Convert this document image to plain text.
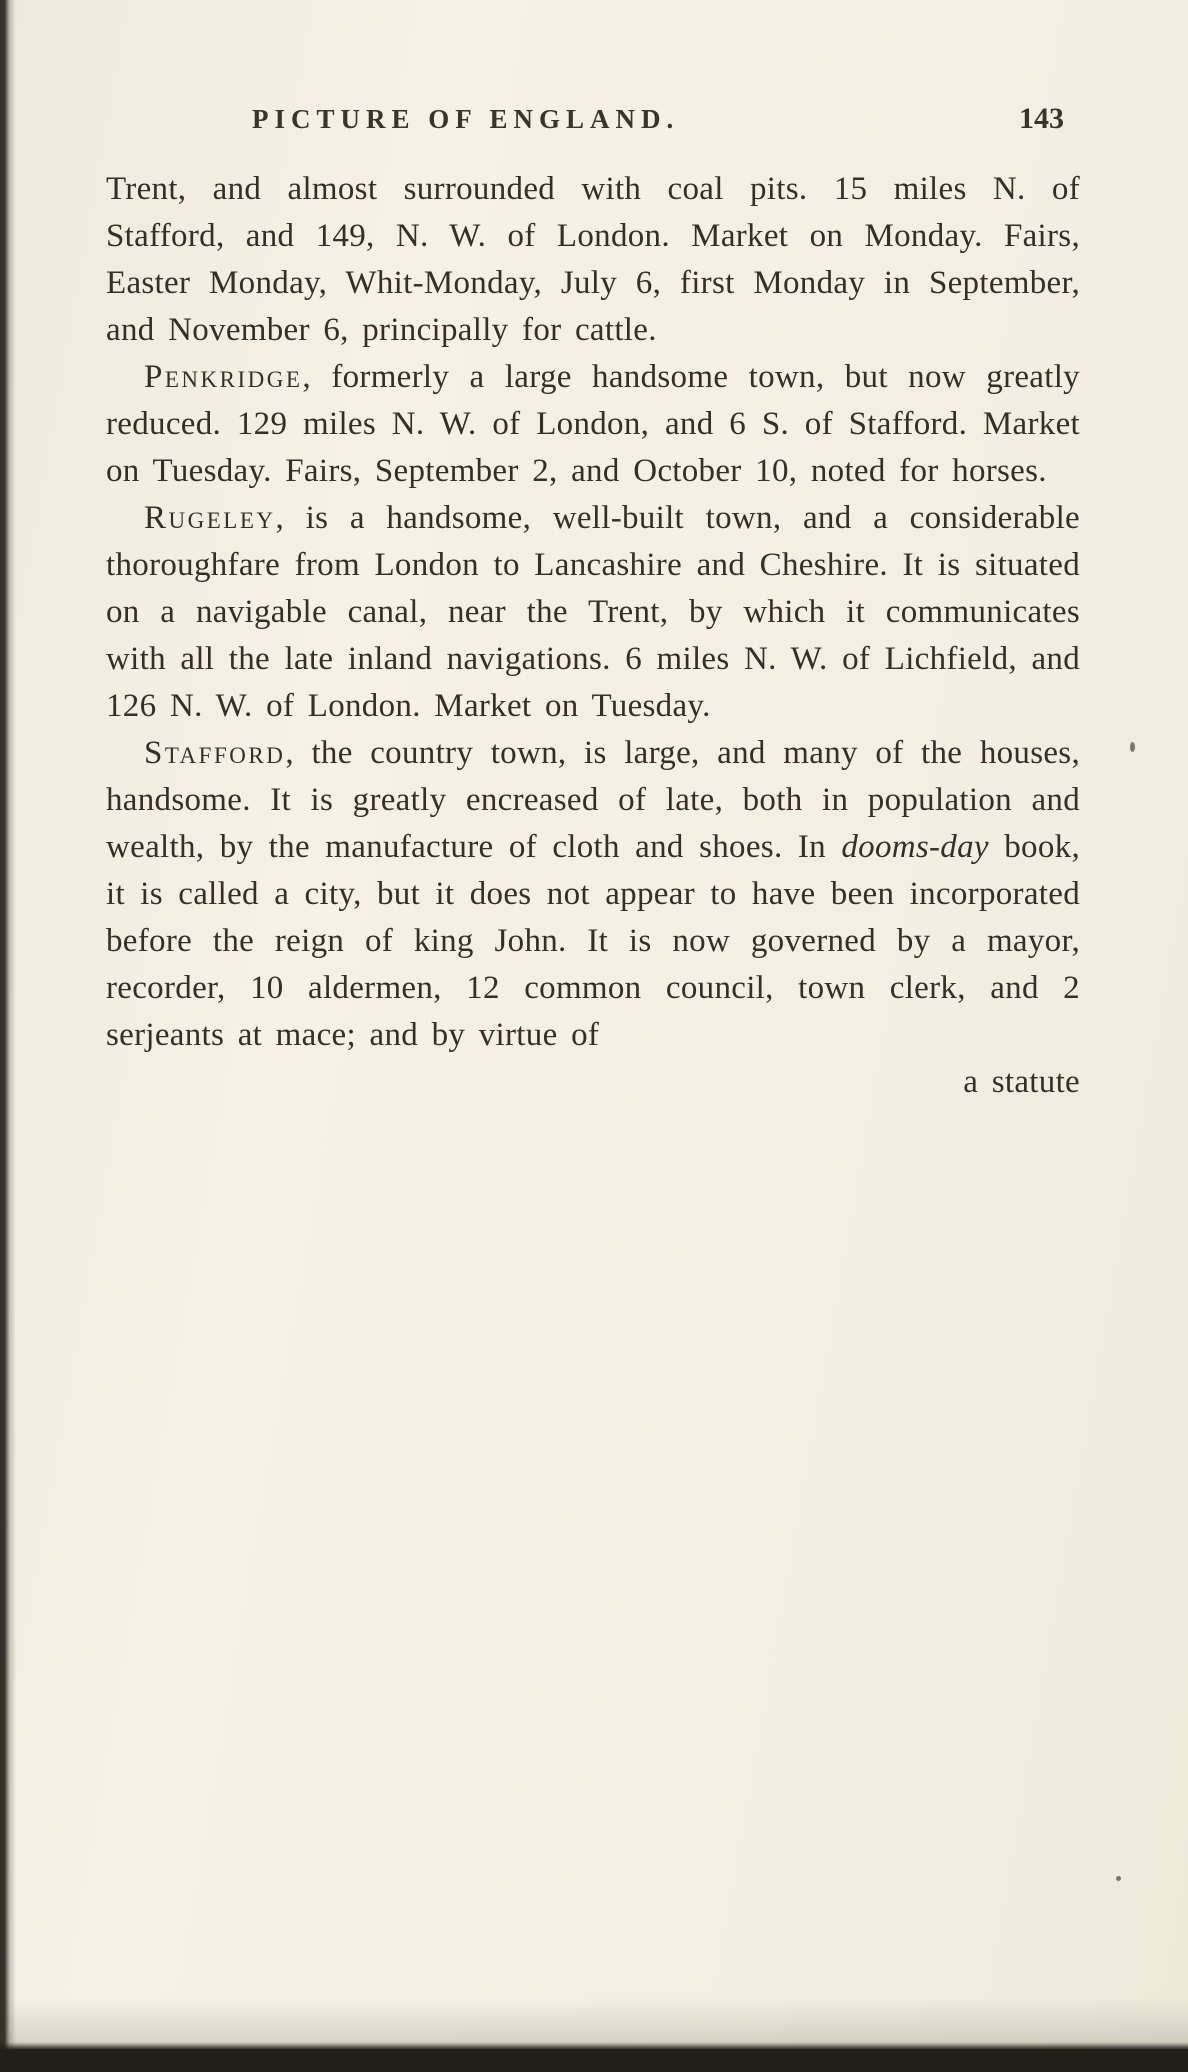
PICTURE OF ENGLAND.	143

Trent, and almost surrounded with coal pits. 15 miles N. of Stafford, and 149, N. W. of London. Market on Monday. Fairs, Easter Monday, Whit-Monday, July 6, first Monday in September, and November 6, principally for cattle.

Penkridge, formerly a large handsome town, but now greatly reduced. 129 miles N. W. of London, and 6 S. of Stafford. Market on Tuesday. Fairs, September 2, and October 10, noted for horses.

Rugeley, is a handsome, well-built town, and a considerable thoroughfare from London to Lancashire and Cheshire. It is situated on a navigable canal, near the Trent, by which it communicates with all the late inland navigations. 6 miles N. W. of Lichfield, and 126 N. W. of London. Market on Tuesday.

Stafford, the country town, is large, and many of the houses, handsome. It is greatly encreased of late, both in population and wealth, by the manufacture of cloth and shoes. In dooms-day book, it is called a city, but it does not appear to have been incorporated before the reign of king John. It is now governed by a mayor, recorder, 10 aldermen, 12 common council, town clerk, and 2 serjeants at mace; and by virtue of

a statute
